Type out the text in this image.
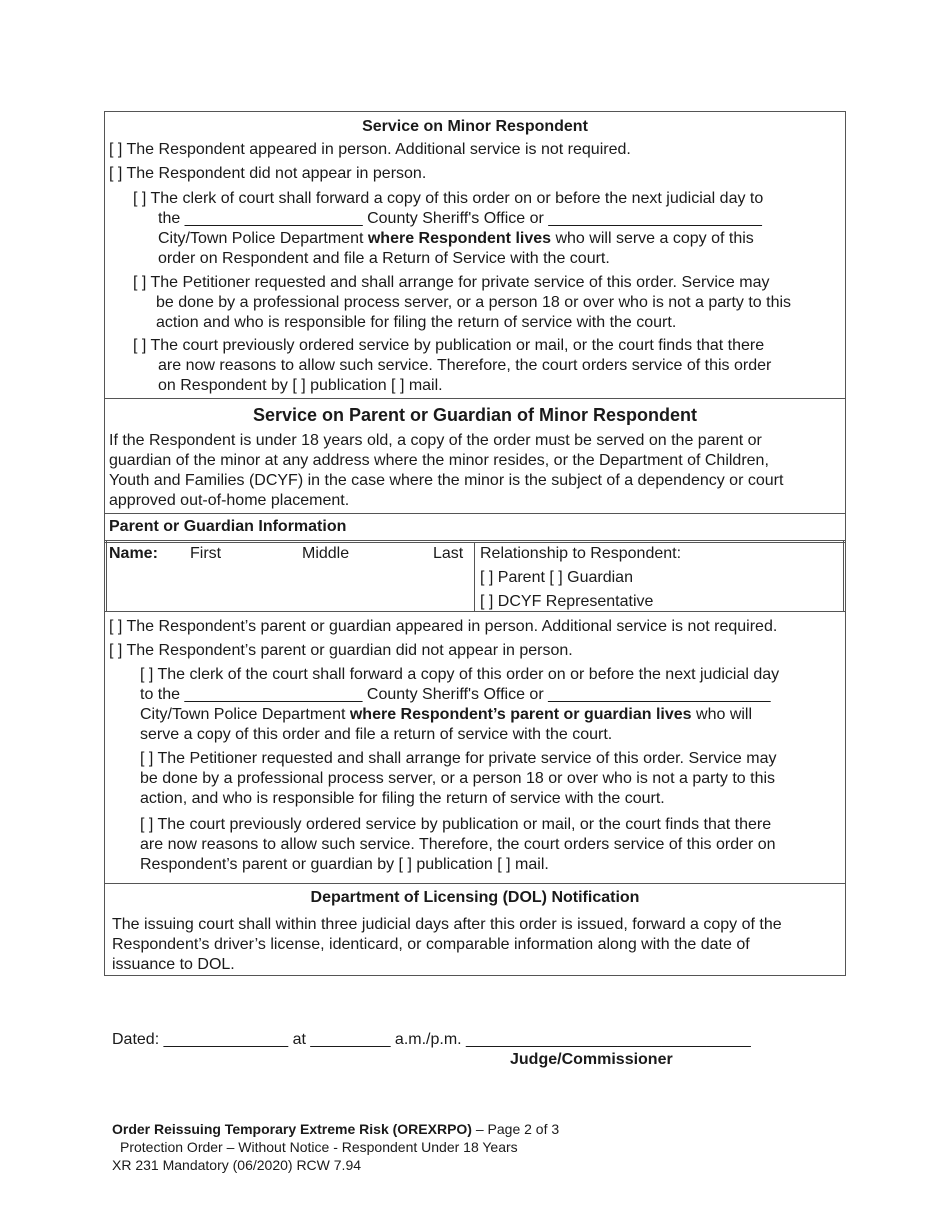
Service on Minor Respondent
[ ] The Respondent appeared in person. Additional service is not required.
[ ] The Respondent did not appear in person.
[ ] The clerk of court shall forward a copy of this order on or before the next judicial day to
the ____________________ County Sheriff's Office or ________________________
City/Town Police Department where Respondent lives who will serve a copy of this
order on Respondent and file a Return of Service with the court.
[ ] The Petitioner requested and shall arrange for private service of this order. Service may
be done by a professional process server, or a person 18 or over who is not a party to this
action and who is responsible for filing the return of service with the court.
[ ] The court previously ordered service by publication or mail, or the court finds that there
are now reasons to allow such service. Therefore, the court orders service of this order
on Respondent by [ ] publication [ ] mail.
Service on Parent or Guardian of Minor Respondent
If the Respondent is under 18 years old, a copy of the order must be served on the parent or
guardian of the minor at any address where the minor resides, or the Department of Children,
Youth and Families (DCYF) in the case where the minor is the subject of a dependency or court
approved out-of-home placement.
Parent or Guardian Information
Name: First	Middle	Last Relationship to Respondent:
[ ] Parent [ ] Guardian
[ ] DCYF Representative
[ ] The Respondent’s parent or guardian appeared in person. Additional service is not required.
[ ] The Respondent’s parent or guardian did not appear in person.
[ ] The clerk of the court shall forward a copy of this order on or before the next judicial day
to the ____________________ County Sheriff's Office or _________________________
City/Town Police Department where Respondent’s parent or guardian lives who will
serve a copy of this order and file a return of service with the court.
[ ] The Petitioner requested and shall arrange for private service of this order. Service may
be done by a professional process server, or a person 18 or over who is not a party to this
action, and who is responsible for filing the return of service with the court.
[ ] The court previously ordered service by publication or mail, or the court finds that there
are now reasons to allow such service. Therefore, the court orders service of this order on
Respondent’s parent or guardian by [ ] publication [ ] mail.
Department of Licensing (DOL) Notification
The issuing court shall within three judicial days after this order is issued, forward a copy of the
Respondent’s driver’s license, identicard, or comparable information along with the date of
issuance to DOL.
Dated: ______________ at _________ a.m./p.m. ________________________________
Judge/Commissioner
Order Reissuing Temporary Extreme Risk (OREXRPO) – Page 2 of 3
Protection Order – Without Notice - Respondent Under 18 Years
XR 231 Mandatory (06/2020) RCW 7.94
